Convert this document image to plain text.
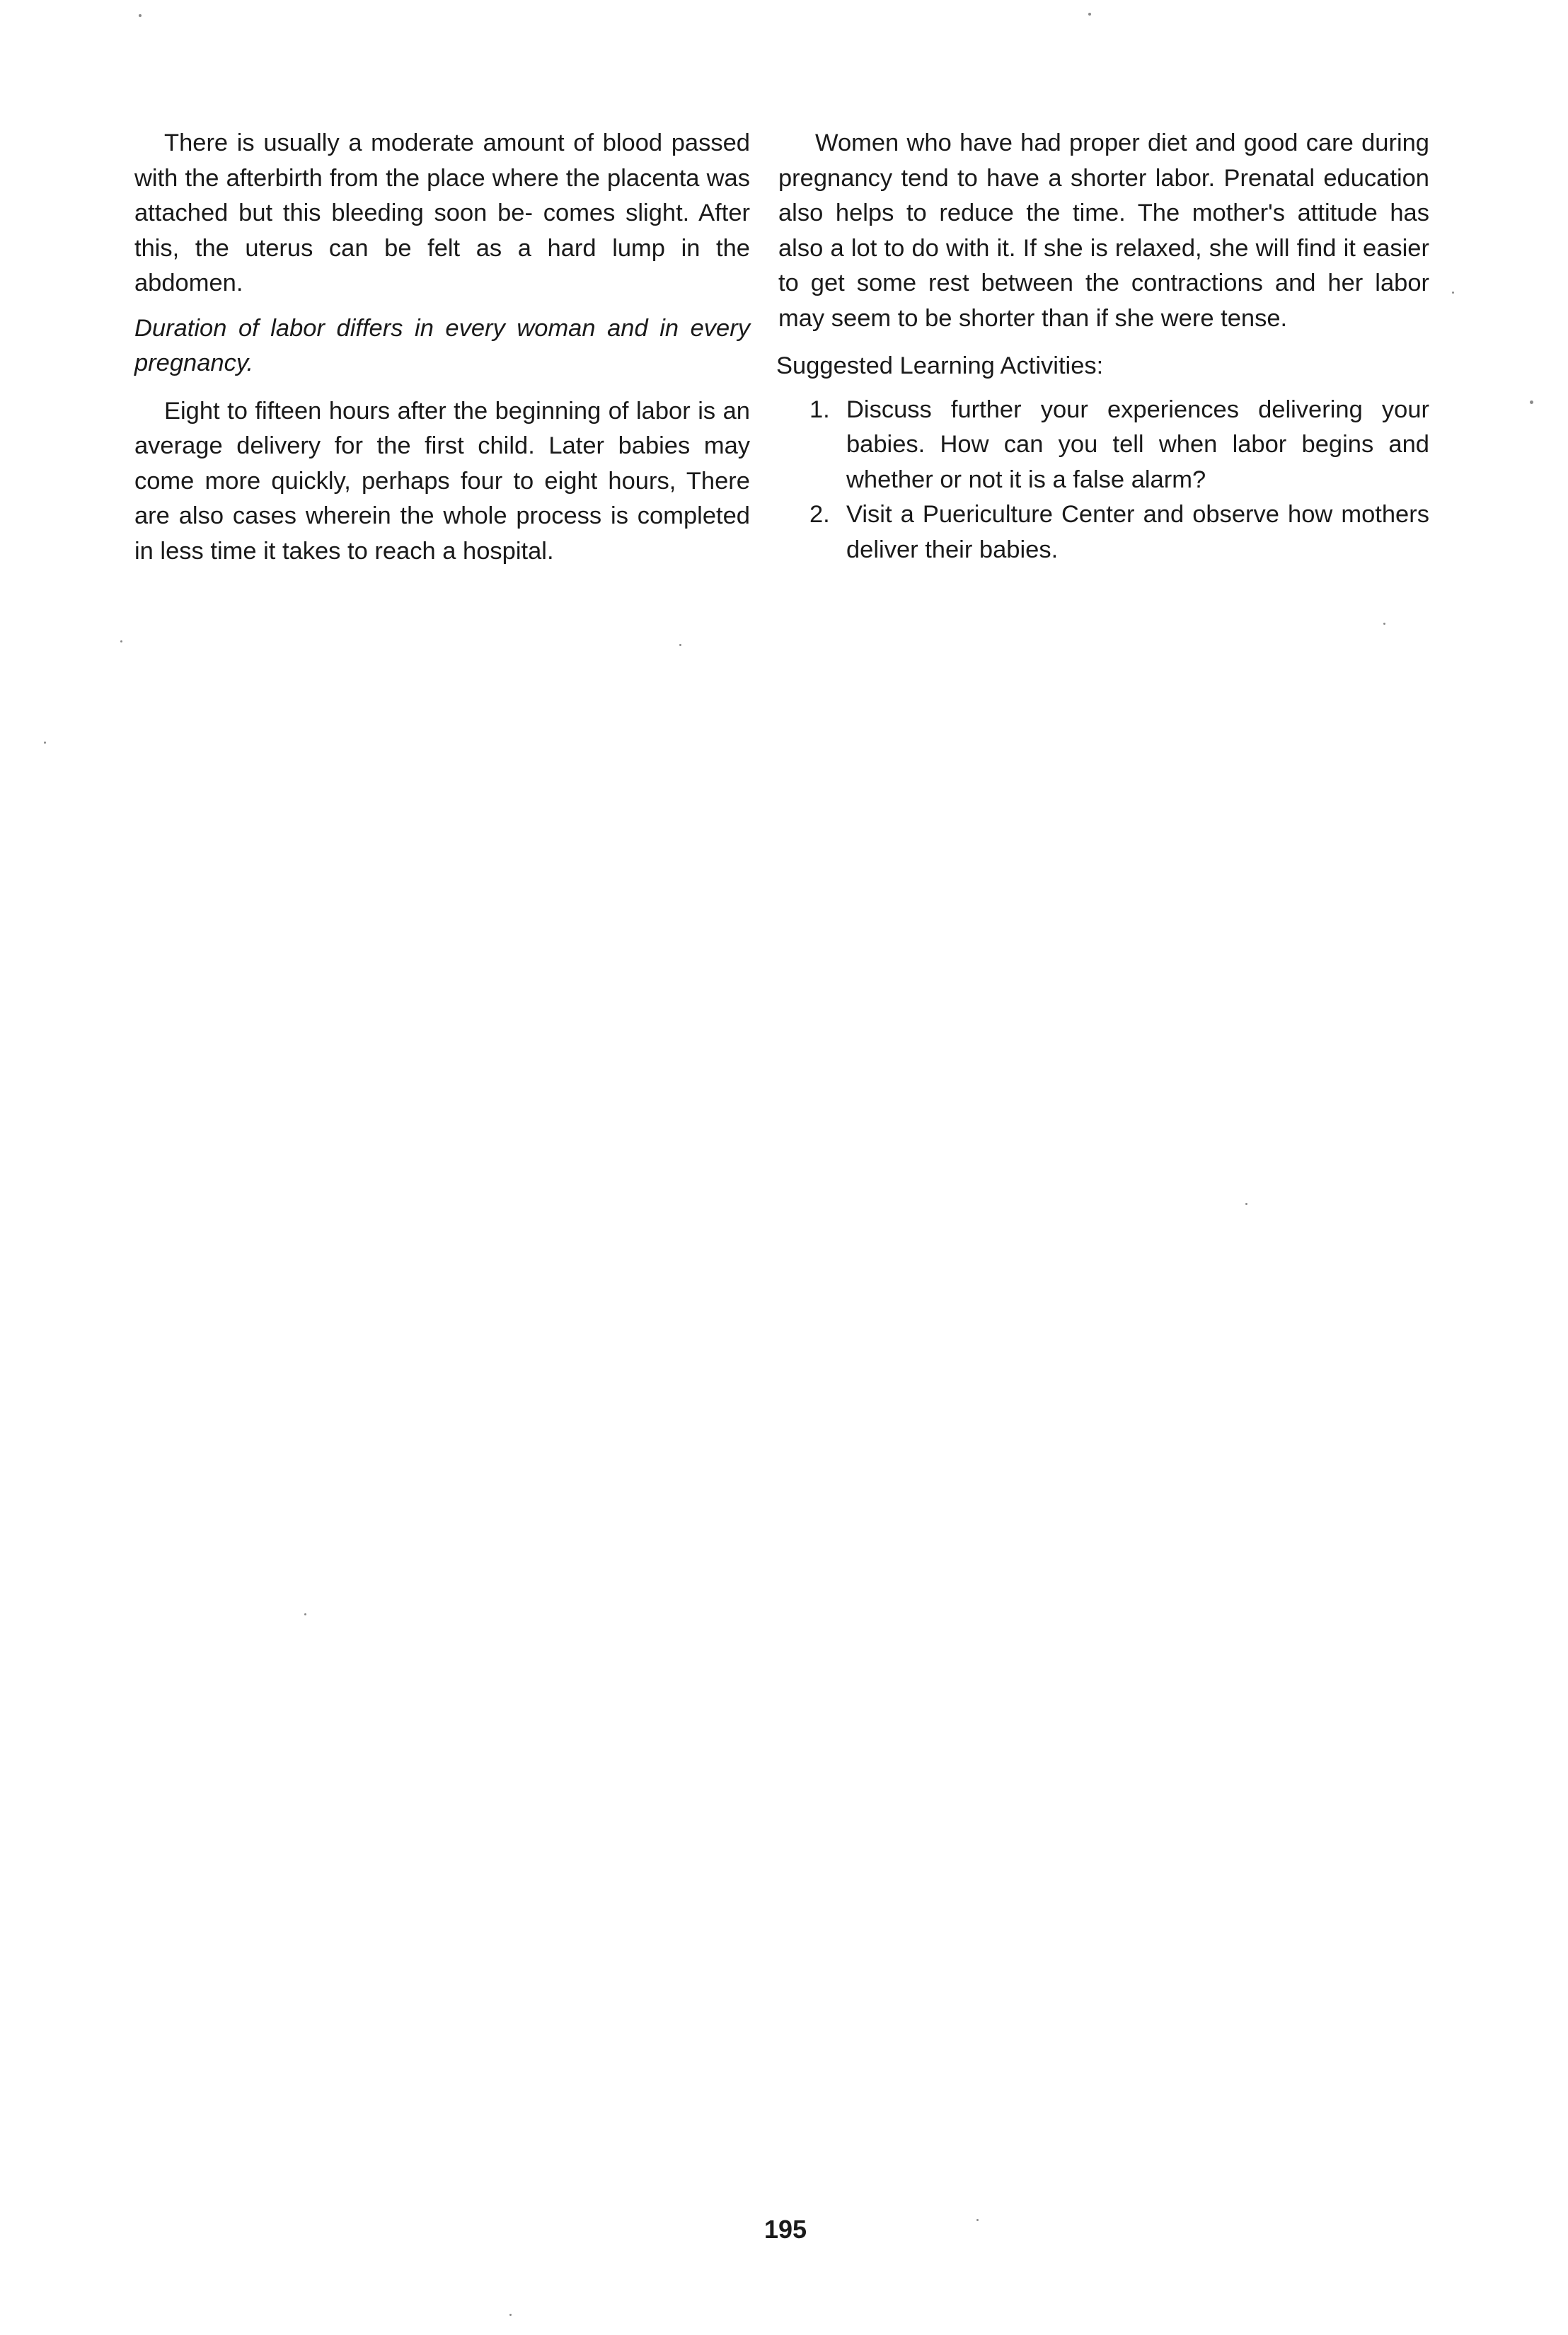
There is usually a moderate amount of blood passed with the afterbirth from the place where the placenta was attached but this bleeding soon be- comes slight. After this, the uterus can be felt as a hard lump in the abdomen.

Duration of labor differs in every woman and in every pregnancy.

Eight to fifteen hours after the beginning of labor is an average delivery for the first child. Later babies may come more quickly, perhaps four to eight hours, There are also cases wherein the whole process is completed in less time it takes to reach a hospital.

Women who have had proper diet and good care during pregnancy tend to have a shorter labor. Prenatal education also helps to reduce the time. The mother's attitude has also a lot to do with it. If she is relaxed, she will find it easier to get some rest between the contractions and her labor may seem to be shorter than if she were tense.

Suggested Learning Activities:

1. Discuss further your experiences delivering your babies. How can you tell when labor begins and whether or not it is a false alarm?
2. Visit a Puericulture Center and observe how mothers deliver their babies.
195
